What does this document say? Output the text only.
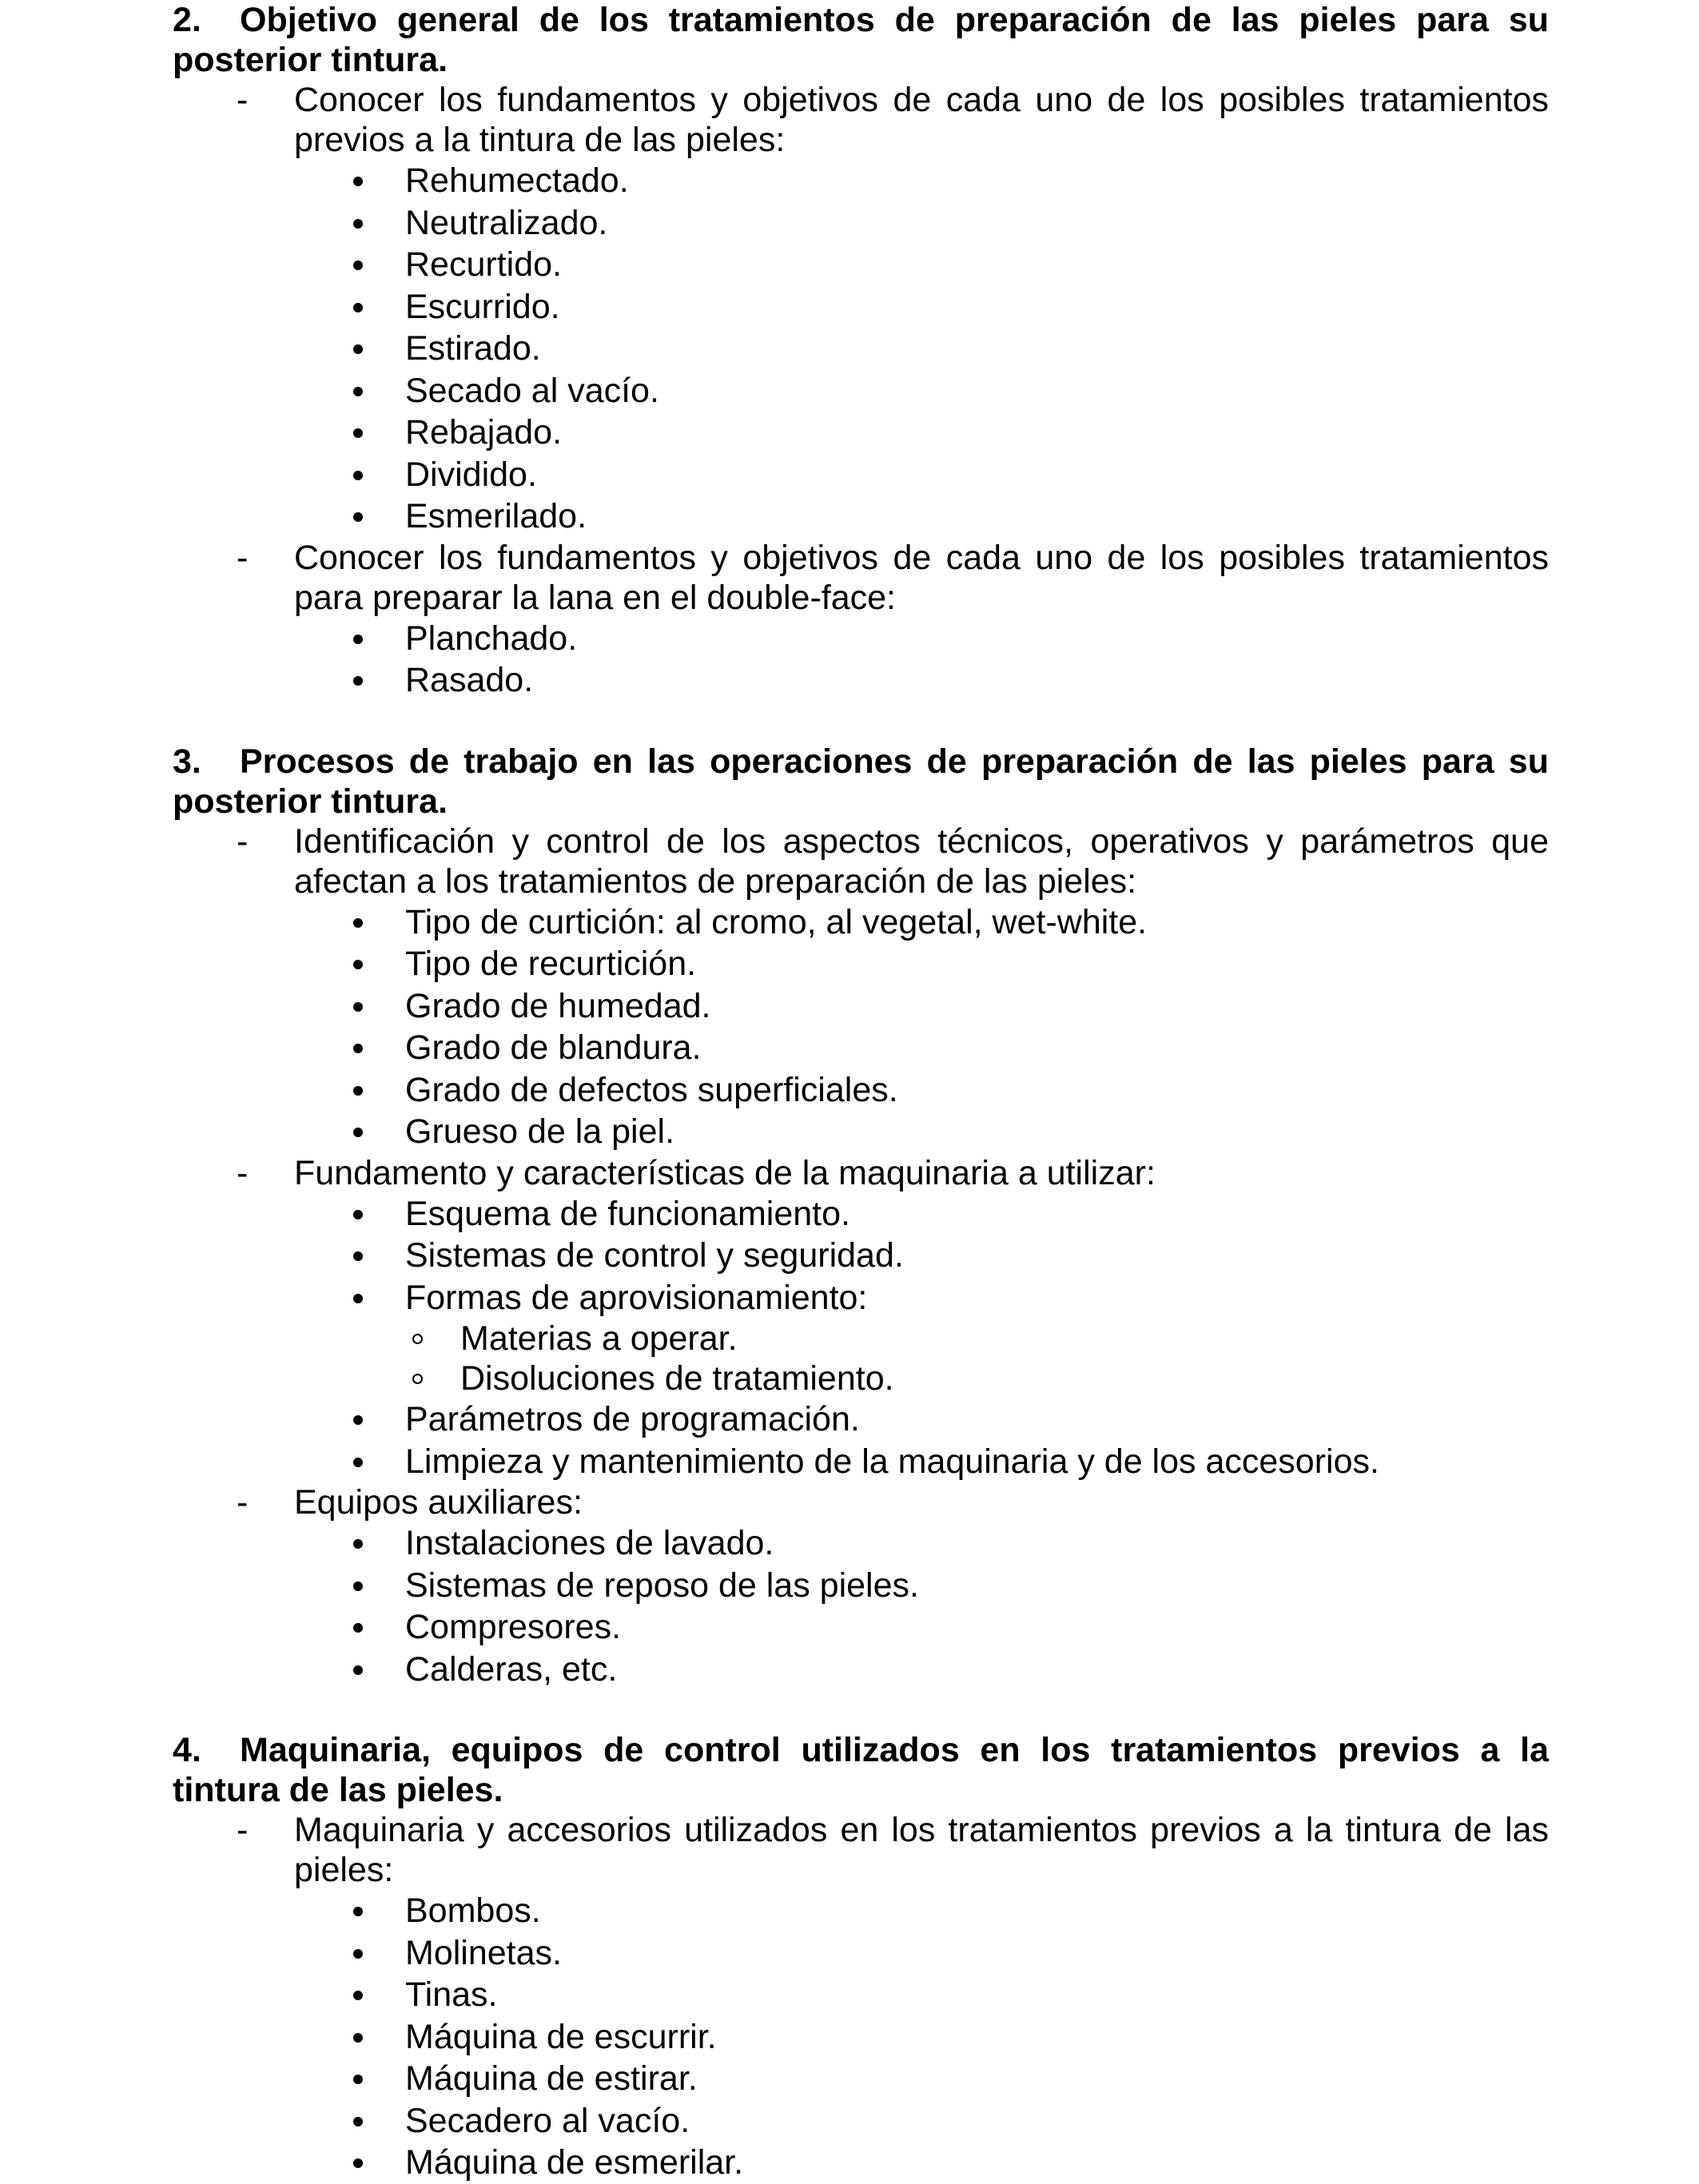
2. Objetivo general de los tratamientos de preparación de las pieles para su posterior tintura.

- Conocer los fundamentos y objetivos de cada uno de los posibles tratamientos previos a la tintura de las pieles:
Rehumectado.
Neutralizado.
Recurtido.
Escurrido.
Estirado.
Secado al vacío.
Rebajado.
Dividido.
Esmerilado.
- Conocer los fundamentos y objetivos de cada uno de los posibles tratamientos para preparar la lana en el double-face:
Planchado.
Rasado.

3. Procesos de trabajo en las operaciones de preparación de las pieles para su posterior tintura.

- Identificación y control de los aspectos técnicos, operativos y parámetros que afectan a los tratamientos de preparación de las pieles:
Tipo de curtición: al cromo, al vegetal, wet-white.
Tipo de recurtición.
Grado de humedad.
Grado de blandura.
Grado de defectos superficiales.
Grueso de la piel.
- Fundamento y características de la maquinaria a utilizar:
Esquema de funcionamiento.
Sistemas de control y seguridad.
Formas de aprovisionamiento:
Materias a operar.
Disoluciones de tratamiento.
Parámetros de programación.
Limpieza y mantenimiento de la maquinaria y de los accesorios.
- Equipos auxiliares:
Instalaciones de lavado.
Sistemas de reposo de las pieles.
Compresores.
Calderas, etc.

4. Maquinaria, equipos de control utilizados en los tratamientos previos a la tintura de las pieles.

- Maquinaria y accesorios utilizados en los tratamientos previos a la tintura de las pieles:
Bombos.
Molinetas.
Tinas.
Máquina de escurrir.
Máquina de estirar.
Secadero al vacío.
Máquina de esmerilar.
